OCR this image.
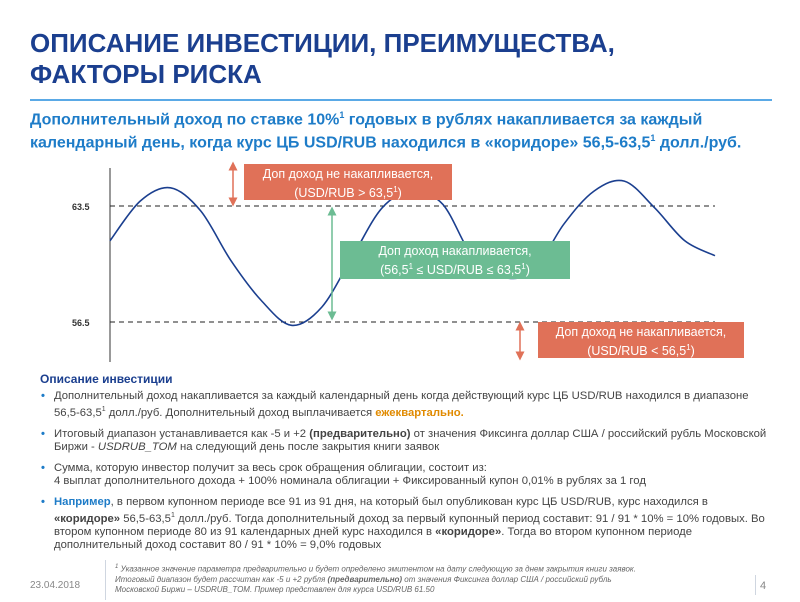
ОПИСАНИЕ ИНВЕСТИЦИИ, ПРЕИМУЩЕСТВА,
ФАКТОРЫ РИСКА
Дополнительный доход по ставке 10%$^1$ годовых в рублях накапливается за каждый календарный день, когда курс ЦБ USD/RUB находился в «коридоре» 56,5-63,5$^1$ долл./руб.
63.5
56.5
Доп доход не накапливается,
$(USD/RUB > 63,5^1)$
Доп доход накапливается,
$(56,5^1 \le USD/RUB \le 63,5^1)$
Доп доход не накапливается,
$(USD/RUB < 56,5^1)$
Описание инвестиции
• Дополнительный доход накапливается за каждый календарный день когда действующий курс ЦБ USD/RUB находился в диапазоне 56,5-63,5$^1$ долл./руб. Дополнительный доход выплачивается ежеквартально.
• Итоговый диапазон устанавливается как -5 и +2 (предварительно) от значения Фиксинга доллар США / российский рубль Московской Биржи - USDRUB_TOM на следующий день после закрытия книги заявок
• Сумма, которую инвестор получит за весь срок обращения облигации, состоит из:
4 выплат дополнительного дохода + 100% номинала облигации + Фиксированный купон 0,01% в рублях за 1 год
• Например, в первом купонном периоде все 91 из 91 дня, на который был опубликован курс ЦБ USD/RUB, курс находился в «коридоре» 56,5-63,5$^1$ долл./руб. Тогда дополнительный доход за первый купонный период составит: 91 / 91 * 10% = 10% годовых. Во втором купонном периоде 80 из 91 календарных дней курс находился в «коридоре». Тогда во втором купонном периоде дополнительный доход составит 80 / 91 * 10% = 9,0% годовых
$^1$ Указанное значение параметра предварительно и будет определено эмитентом на дату следующую за днем закрытия книги заявок.
Итоговый диапазон будет рассчитан как -5 и +2 рубля (предварительно) от значения Фиксинга доллар США / российский рубль
Московской Биржи – USDRUB_TOM. Пример представлен для курса USD/RUB 61.50
23.04.2018	4
